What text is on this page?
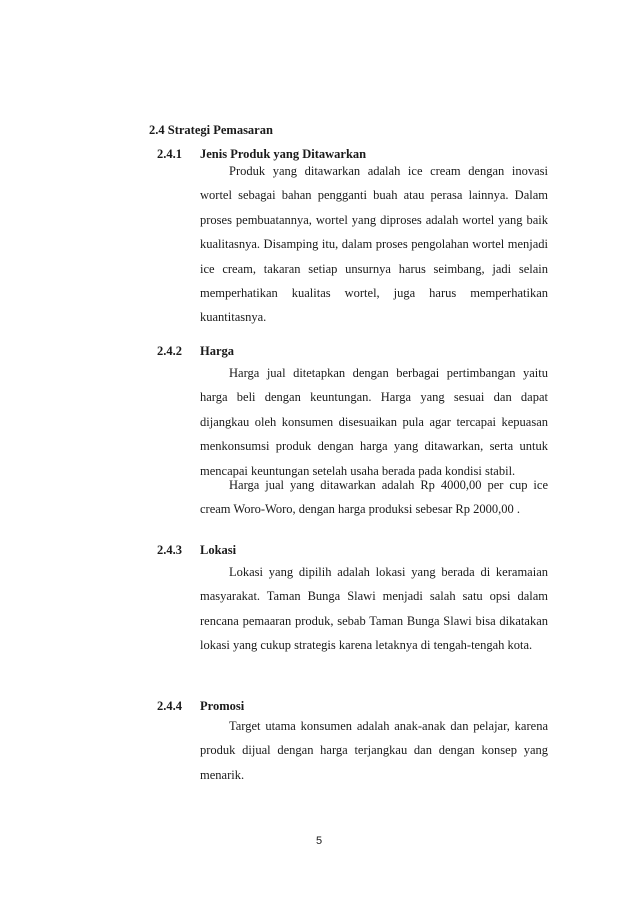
2.4 Strategi Pemasaran
2.4.1 Jenis Produk yang Ditawarkan

Produk yang ditawarkan adalah ice cream dengan inovasi wortel sebagai bahan pengganti buah atau perasa lainnya. Dalam proses pembuatannya, wortel yang diproses adalah wortel yang baik kualitasnya. Disamping itu, dalam proses pengolahan wortel menjadi ice cream, takaran setiap unsurnya harus seimbang, jadi selain memperhatikan kualitas wortel, juga harus memperhatikan kuantitasnya.

2.4.2 Harga

Harga jual ditetapkan dengan berbagai pertimbangan yaitu harga beli dengan keuntungan. Harga yang sesuai dan dapat dijangkau oleh konsumen disesuaikan pula agar tercapai kepuasan menkonsumsi produk dengan harga yang ditawarkan, serta untuk mencapai keuntungan setelah usaha berada pada kondisi stabil.

Harga jual yang ditawarkan adalah Rp 4000,00 per cup ice cream Woro-Woro, dengan harga produksi sebesar Rp 2000,00 .

2.4.3 Lokasi

Lokasi yang dipilih adalah lokasi yang berada di keramaian masyarakat. Taman Bunga Slawi menjadi salah satu opsi dalam rencana pemaaran produk, sebab Taman Bunga Slawi bisa dikatakan lokasi yang cukup strategis karena letaknya di tengah-tengah kota.

2.4.4 Promosi

Target utama konsumen adalah anak-anak dan pelajar, karena produk dijual dengan harga terjangkau dan dengan konsep yang menarik.

5
